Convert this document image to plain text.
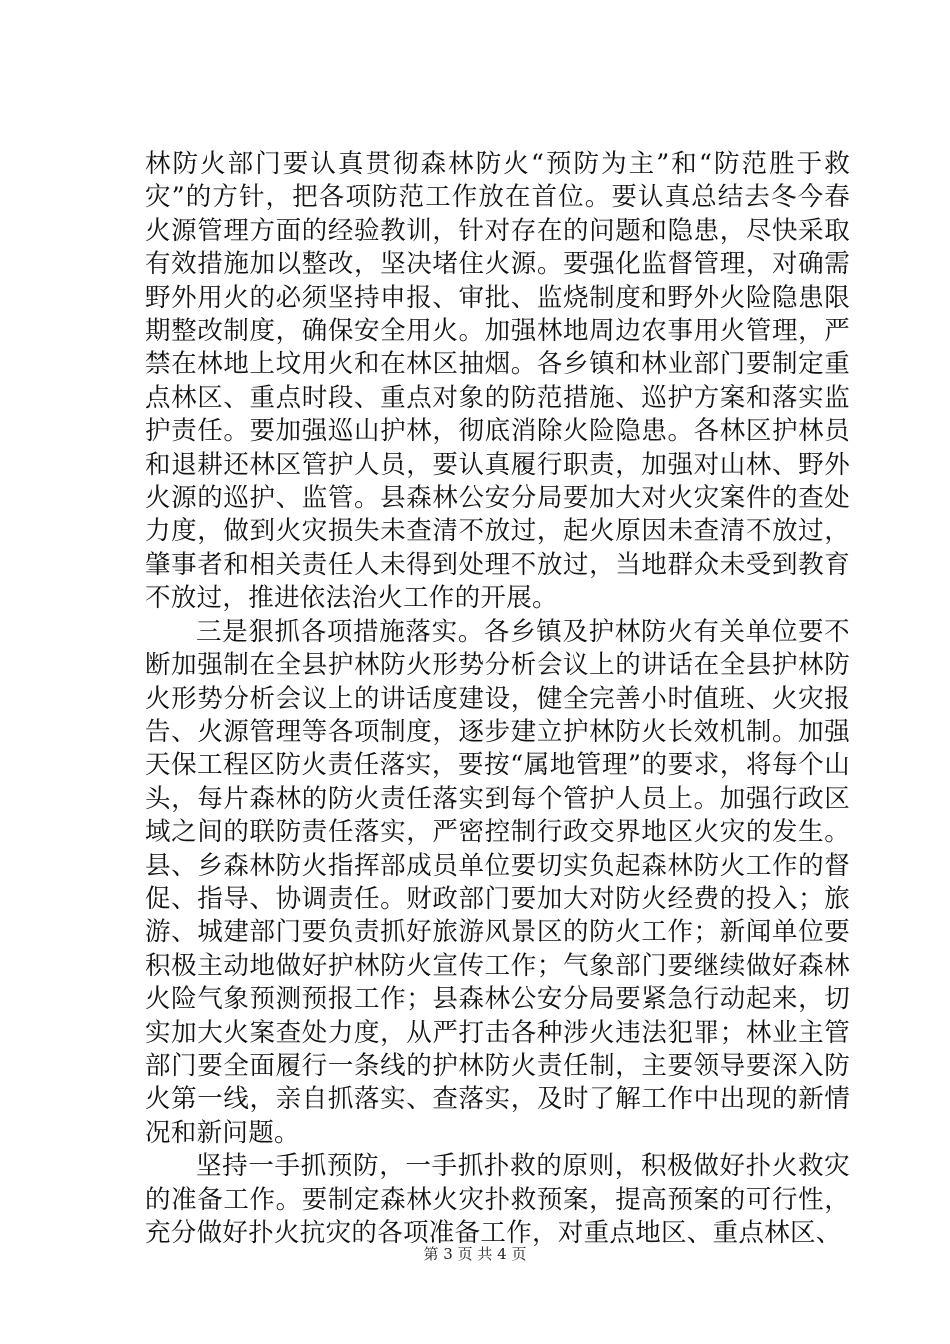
林防火部门要认真贯彻森林防火“预防为主”和“防范胜于救灾”的方针，把各项防范工作放在首位。要认真总结去冬今春火源管理方面的经验教训，针对存在的问题和隐患，尽快采取有效措施加以整改，坚决堵住火源。要强化监督管理，对确需野外用火的必须坚持申报、审批、监烧制度和野外火险隐患限期整改制度，确保安全用火。加强林地周边农事用火管理，严禁在林地上坟用火和在林区抽烟。各乡镇和林业部门要制定重点林区、重点时段、重点对象的防范措施、巡护方案和落实监护责任。要加强巡山护林，彻底消除火险隐患。各林区护林员和退耕还林区管护人员，要认真履行职责，加强对山林、野外火源的巡护、监管。县森林公安分局要加大对火灾案件的查处力度，做到火灾损失未查清不放过，起火原因未查清不放过，肇事者和相关责任人未得到处理不放过，当地群众未受到教育不放过，推进依法治火工作的开展。

三是狠抓各项措施落实。各乡镇及护林防火有关单位要不断加强制在全县护林防火形势分析会议上的讲话在全县护林防火形势分析会议上的讲话度建设，健全完善小时值班、火灾报告、火源管理等各项制度，逐步建立护林防火长效机制。加强天保工程区防火责任落实，要按“属地管理”的要求，将每个山头，每片森林的防火责任落实到每个管护人员上。加强行政区域之间的联防责任落实，严密控制行政交界地区火灾的发生。县、乡森林防火指挥部成员单位要切实负起森林防火工作的督促、指导、协调责任。财政部门要加大对防火经费的投入；旅游、城建部门要负责抓好旅游风景区的防火工作；新闻单位要积极主动地做好护林防火宣传工作；气象部门要继续做好森林火险气象预测预报工作；县森林公安分局要紧急行动起来，切实加大火案查处力度，从严打击各种涉火违法犯罪；林业主管部门要全面履行一条线的护林防火责任制，主要领导要深入防火第一线，亲自抓落实、查落实，及时了解工作中出现的新情况和新问题。

坚持一手抓预防，一手抓扑救的原则，积极做好扑火救灾的准备工作。要制定森林火灾扑救预案，提高预案的可行性，充分做好扑火抗灾的各项准备工作，对重点地区、重点林区、

第 3 页 共 4 页
